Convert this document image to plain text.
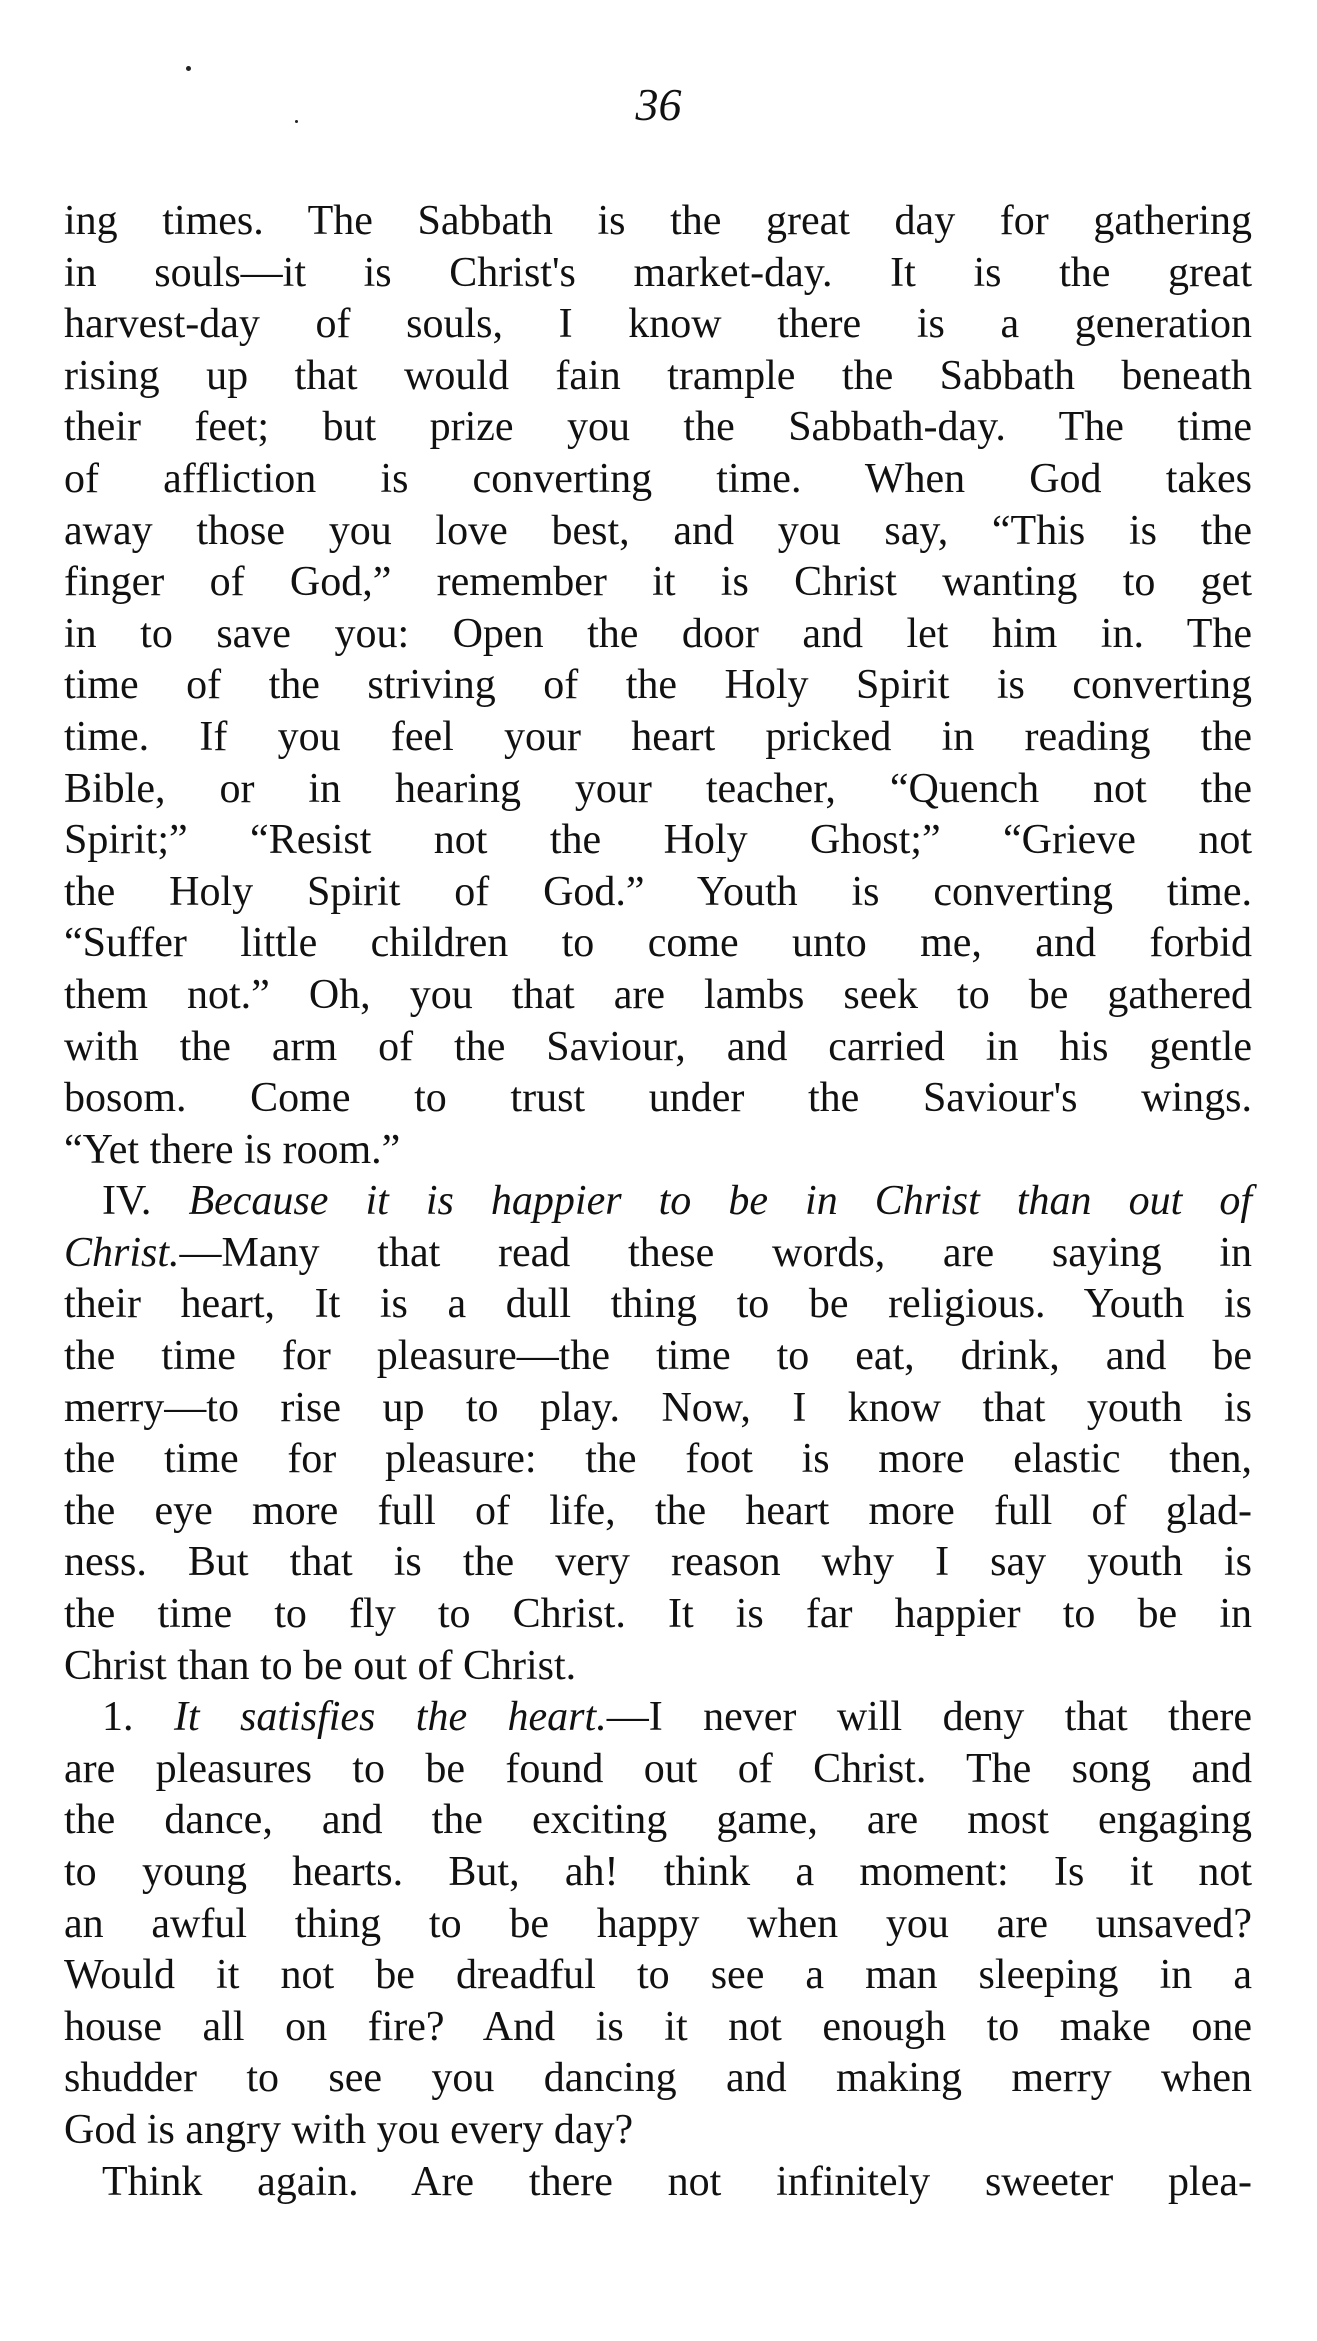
36
ing times. The Sabbath is the great day for gathering
in souls—it is Christ's market-day. It is the great
harvest-day of souls, I know there is a generation
rising up that would fain trample the Sabbath beneath
their feet; but prize you the Sabbath-day. The time
of affliction is converting time. When God takes
away those you love best, and you say, “This is the
finger of God,” remember it is Christ wanting to get
in to save you: Open the door and let him in. The
time of the striving of the Holy Spirit is converting
time. If you feel your heart pricked in reading the
Bible, or in hearing your teacher, “Quench not the
Spirit;” “Resist not the Holy Ghost;” “Grieve not
the Holy Spirit of God.” Youth is converting time.
“Suffer little children to come unto me, and forbid
them not.” Oh, you that are lambs seek to be gathered
with the arm of the Saviour, and carried in his gentle
bosom. Come to trust under the Saviour's wings.
“Yet there is room.”
IV. Because it is happier to be in Christ than out of
Christ.—Many that read these words, are saying in
their heart, It is a dull thing to be religious. Youth is
the time for pleasure—the time to eat, drink, and be
merry—to rise up to play. Now, I know that youth is
the time for pleasure: the foot is more elastic then,
the eye more full of life, the heart more full of glad-
ness. But that is the very reason why I say youth is
the time to fly to Christ. It is far happier to be in
Christ than to be out of Christ.
1. It satisfies the heart.—I never will deny that there
are pleasures to be found out of Christ. The song and
the dance, and the exciting game, are most engaging
to young hearts. But, ah! think a moment: Is it not
an awful thing to be happy when you are unsaved?
Would it not be dreadful to see a man sleeping in a
house all on fire? And is it not enough to make one
shudder to see you dancing and making merry when
God is angry with you every day?
Think again. Are there not infinitely sweeter plea-
